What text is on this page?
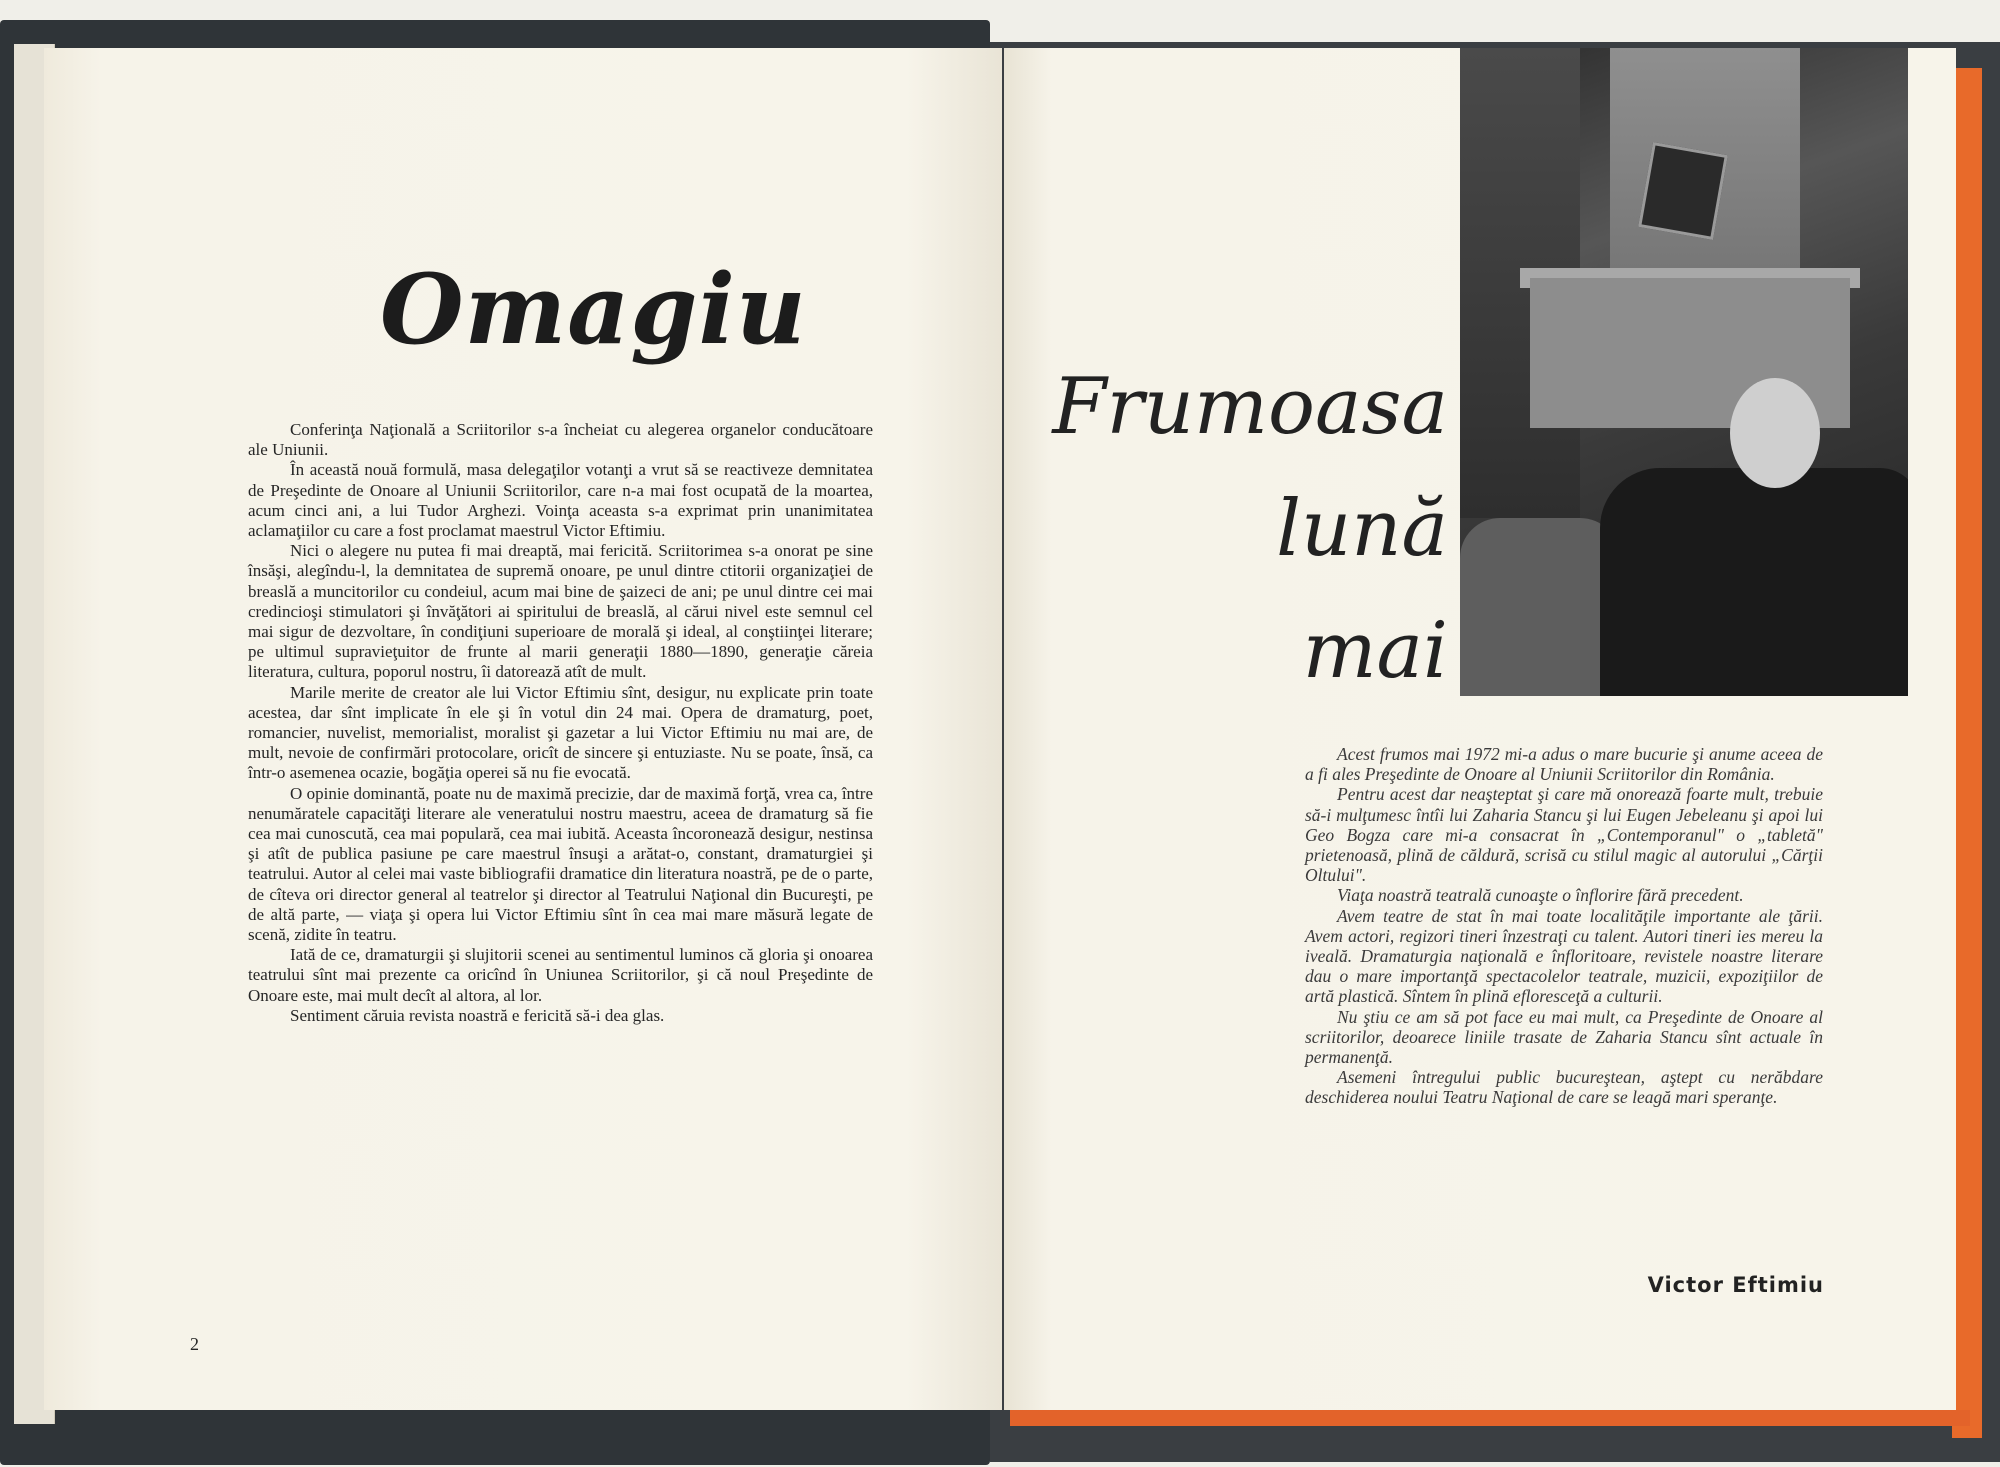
Omagiu

Conferinţa Naţională a Scriitorilor s-a încheiat cu alegerea organelor conducătoare ale Uniunii.

În această nouă formulă, masa delegaţilor votanţi a vrut să se reactiveze demnitatea de Preşedinte de Onoare al Uniunii Scriitorilor, care n-a mai fost ocupată de la moartea, acum cinci ani, a lui Tudor Arghezi. Voinţa aceasta s-a exprimat prin unanimitatea aclamaţiilor cu care a fost proclamat maestrul Victor Eftimiu.

Nici o alegere nu putea fi mai dreaptă, mai fericită. Scriitorimea s-a onorat pe sine însăşi, alegîndu-l, la demnitatea de supremă onoare, pe unul dintre ctitorii organizaţiei de breaslă a muncitorilor cu condeiul, acum mai bine de şaizeci de ani; pe unul dintre cei mai credincioşi stimulatori şi învăţători ai spiritului de breaslă, al cărui nivel este semnul cel mai sigur de dezvoltare, în condiţiuni superioare de morală şi ideal, al conştiinţei literare; pe ultimul supravieţuitor de frunte al marii generaţii 1880—1890, generaţie căreia literatura, cultura, poporul nostru, îi datorează atît de mult.

Marile merite de creator ale lui Victor Eftimiu sînt, desigur, nu explicate prin toate acestea, dar sînt implicate în ele şi în votul din 24 mai. Opera de dramaturg, poet, romancier, nuvelist, memorialist, moralist şi gazetar a lui Victor Eftimiu nu mai are, de mult, nevoie de confirmări protocolare, oricît de sincere şi entuziaste. Nu se poate, însă, ca într-o asemenea ocazie, bogăţia operei să nu fie evocată.

O opinie dominantă, poate nu de maximă precizie, dar de maximă forţă, vrea ca, între nenumăratele capacităţi literare ale veneratului nostru maestru, aceea de dramaturg să fie cea mai cunoscută, cea mai populară, cea mai iubită. Aceasta încoronează desigur, nestinsa şi atît de publica pasiune pe care maestrul însuşi a arătat-o, constant, dramaturgiei şi teatrului. Autor al celei mai vaste bibliografii dramatice din literatura noastră, pe de o parte, de cîteva ori director general al teatrelor şi director al Teatrului Naţional din Bucureşti, pe de altă parte, — viaţa şi opera lui Victor Eftimiu sînt în cea mai mare măsură legate de scenă, zidite în teatru.

Iată de ce, dramaturgii şi slujitorii scenei au sentimentul luminos că gloria şi onoarea teatrului sînt mai prezente ca oricînd în Uniunea Scriitorilor, şi că noul Preşedinte de Onoare este, mai mult decît al altora, al lor.

Sentiment căruia revista noastră e fericită să-i dea glas.

2
Frumoasa
lună
mai

Acest frumos mai 1972 mi-a adus o mare bucurie şi anume aceea de a fi ales Preşedinte de Onoare al Uniunii Scriitorilor din România.

Pentru acest dar neaşteptat şi care mă onorează foarte mult, trebuie să-i mulţumesc întîi lui Zaharia Stancu şi lui Eugen Jebeleanu şi apoi lui Geo Bogza care mi-a consacrat în „Contemporanul" o „tabletă" prietenoasă, plină de căldură, scrisă cu stilul magic al autorului „Cărţii Oltului".

Viaţa noastră teatrală cunoaşte o înflorire fără precedent.

Avem teatre de stat în mai toate localităţile importante ale ţării. Avem actori, regizori tineri înzestraţi cu talent. Autori tineri ies mereu la iveală. Dramaturgia naţională e înfloritoare, revistele noastre literare dau o mare importanţă spectacolelor teatrale, muzicii, expoziţiilor de artă plastică. Sîntem în plină efloresceţă a culturii.

Nu ştiu ce am să pot face eu mai mult, ca Preşedinte de Onoare al scriitorilor, deoarece liniile trasate de Zaharia Stancu sînt actuale în permanenţă.

Asemeni întregului public bucureştean, aştept cu nerăbdare deschiderea noului Teatru Naţional de care se leagă mari speranţe.

Victor Eftimiu
